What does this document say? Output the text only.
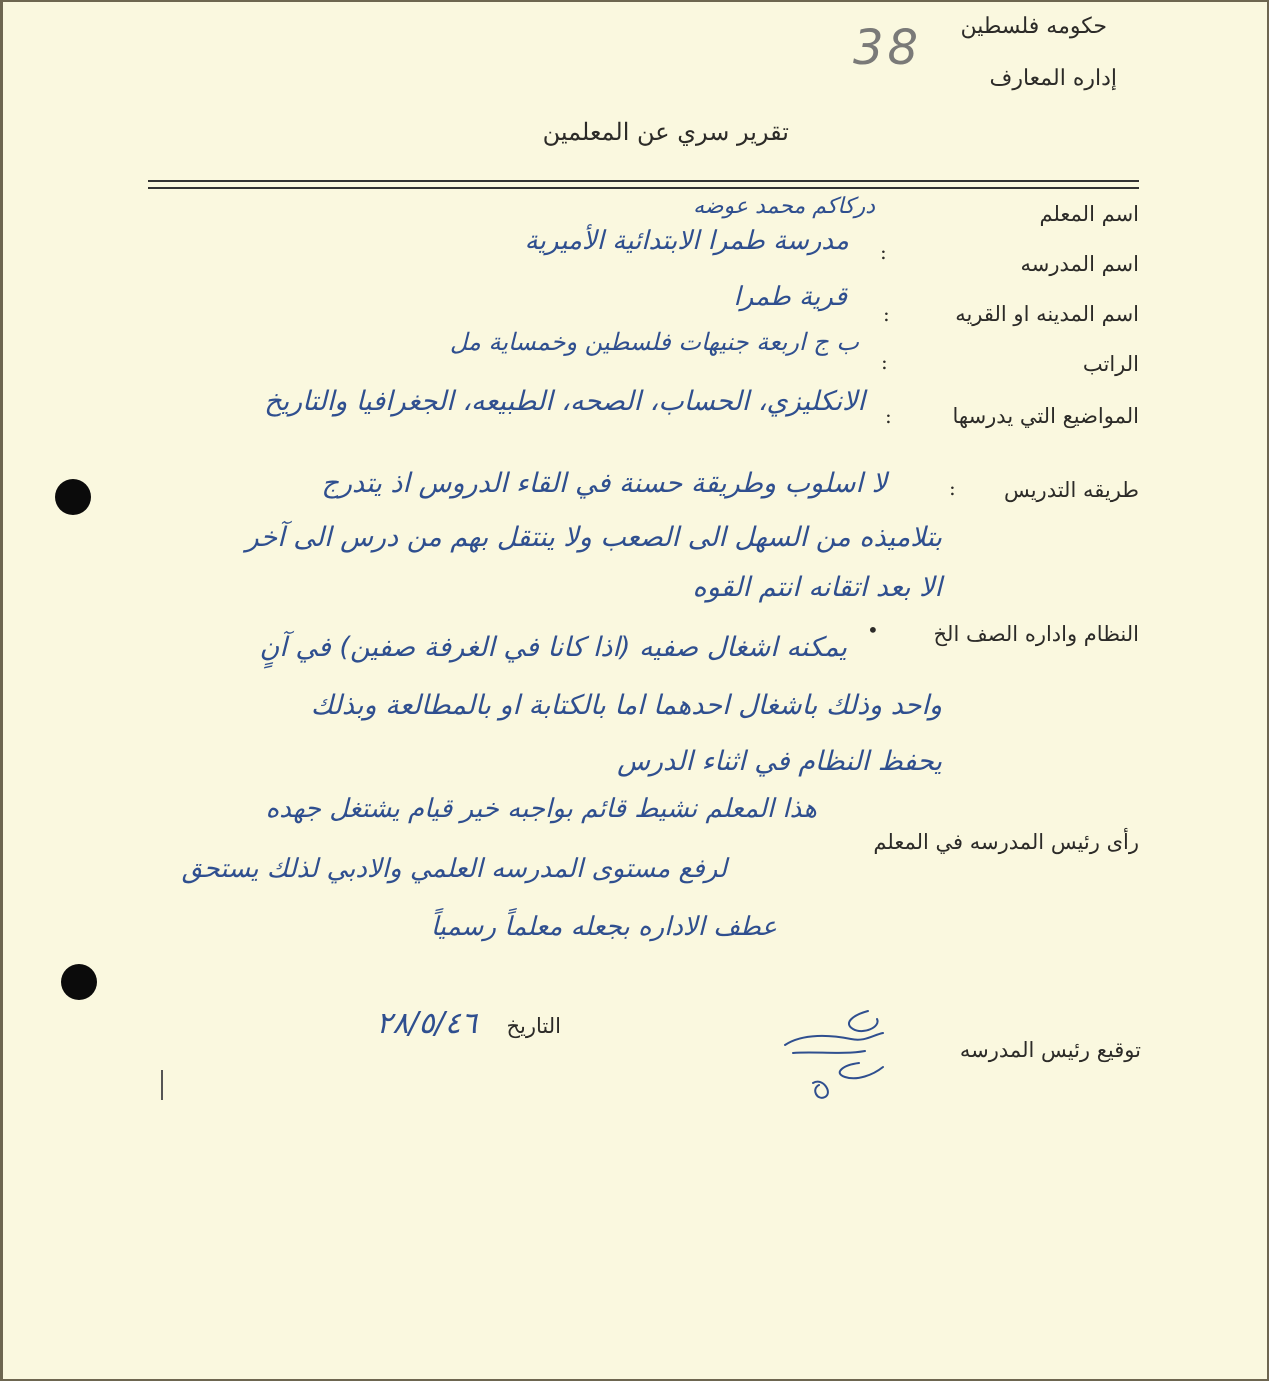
38 حكومه فلسطين
إداره المعارف
تقرير سري عن المعلمين
اسم المعلم
دركاكم محمد عوضه
اسم المدرسه
:
مدرسة طمرا الابتدائية الأميرية
اسم المدينه او القريه
:
قرية طمرا
الراتب
:
ب ج اربعة جنيهات فلسطين وخمساية مل
المواضيع التي يدرسها
:
الانكليزي، الحساب، الصحه، الطبيعه، الجغرافيا والتاريخ
طريقه التدريس
:
لا اسلوب وطريقة حسنة في القاء الدروس اذ يتدرج
بتلاميذه من السهل الى الصعب ولا ينتقل بهم من درس الى آخر
الا بعد اتقانه انتم القوه
النظام واداره الصف الخ
•
يمكنه اشغال صفيه (اذا كانا في الغرفة صفين) في آنٍ
واحد وذلك باشغال احدهما اما بالكتابة او بالمطالعة وبذلك
يحفظ النظام في اثناء الدرس
رأى رئيس المدرسه في المعلم
هذا المعلم نشيط قائم بواجبه خير قيام يشتغل جهده
لرفع مستوى المدرسه العلمي والادبي لذلك يستحق
عطف الاداره بجعله معلماً رسمياً
التاريخ
٢٨/٥/٤٦
توقيع رئيس المدرسه
